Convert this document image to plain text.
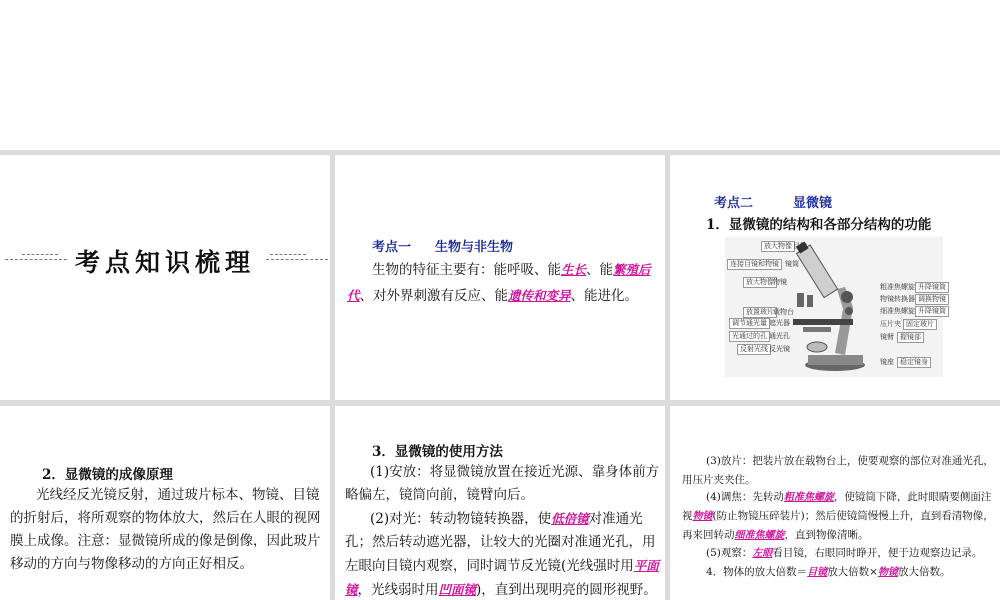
考点知识梳理
考点一 生物与非生物
生物的特征主要有：能呼吸、能生长、能繁殖后代、对外界刺激有反应、能遗传和变异、能进化。
考点二	显微镜
1．显微镜的结构和各部分结构的功能
放大物像 目镜
连接目镜和物镜 镜筒
放大物像 物镜
放置玻片 载物台
调节通光量 遮光器
光通过的孔 通光孔
反射光线 反光镜
粗准焦螺旋 升降镜筒
物镜转换器 调换物镜
细准焦螺旋 升降镜筒
压片夹 固定玻片
镜臂 握镜部
镜座 稳定镜身
2．显微镜的成像原理
光线经反光镜反射，通过玻片标本、物镜、目镜的折射后，将所观察的物体放大，然后在人眼的视网膜上成像。注意：显微镜所成的像是倒像，因此玻片移动的方向与物像移动的方向正好相反。
3．显微镜的使用方法
(1)安放：将显微镜放置在接近光源、靠身体前方略偏左，镜筒向前，镜臂向后。
(2)对光：转动物镜转换器，使低倍镜对准通光孔；然后转动遮光器，让较大的光圈对准通光孔，用左眼向目镜内观察，同时调节反光镜(光线强时用平面镜，光线弱时用凹面镜)，直到出现明亮的圆形视野。
(3)放片：把装片放在载物台上，使要观察的部位对准通光孔，用压片夹夹住。
(4)调焦：先转动粗准焦螺旋，使镜筒下降，此时眼睛要侧面注视物镜(防止物镜压碎装片)；然后使镜筒慢慢上升，直到看清物像，再来回转动细准焦螺旋，直到物像清晰。
(5)观察：左眼看目镜，右眼同时睁开，便于边观察边记录。
4．物体的放大倍数＝目镜放大倍数×物镜放大倍数。
